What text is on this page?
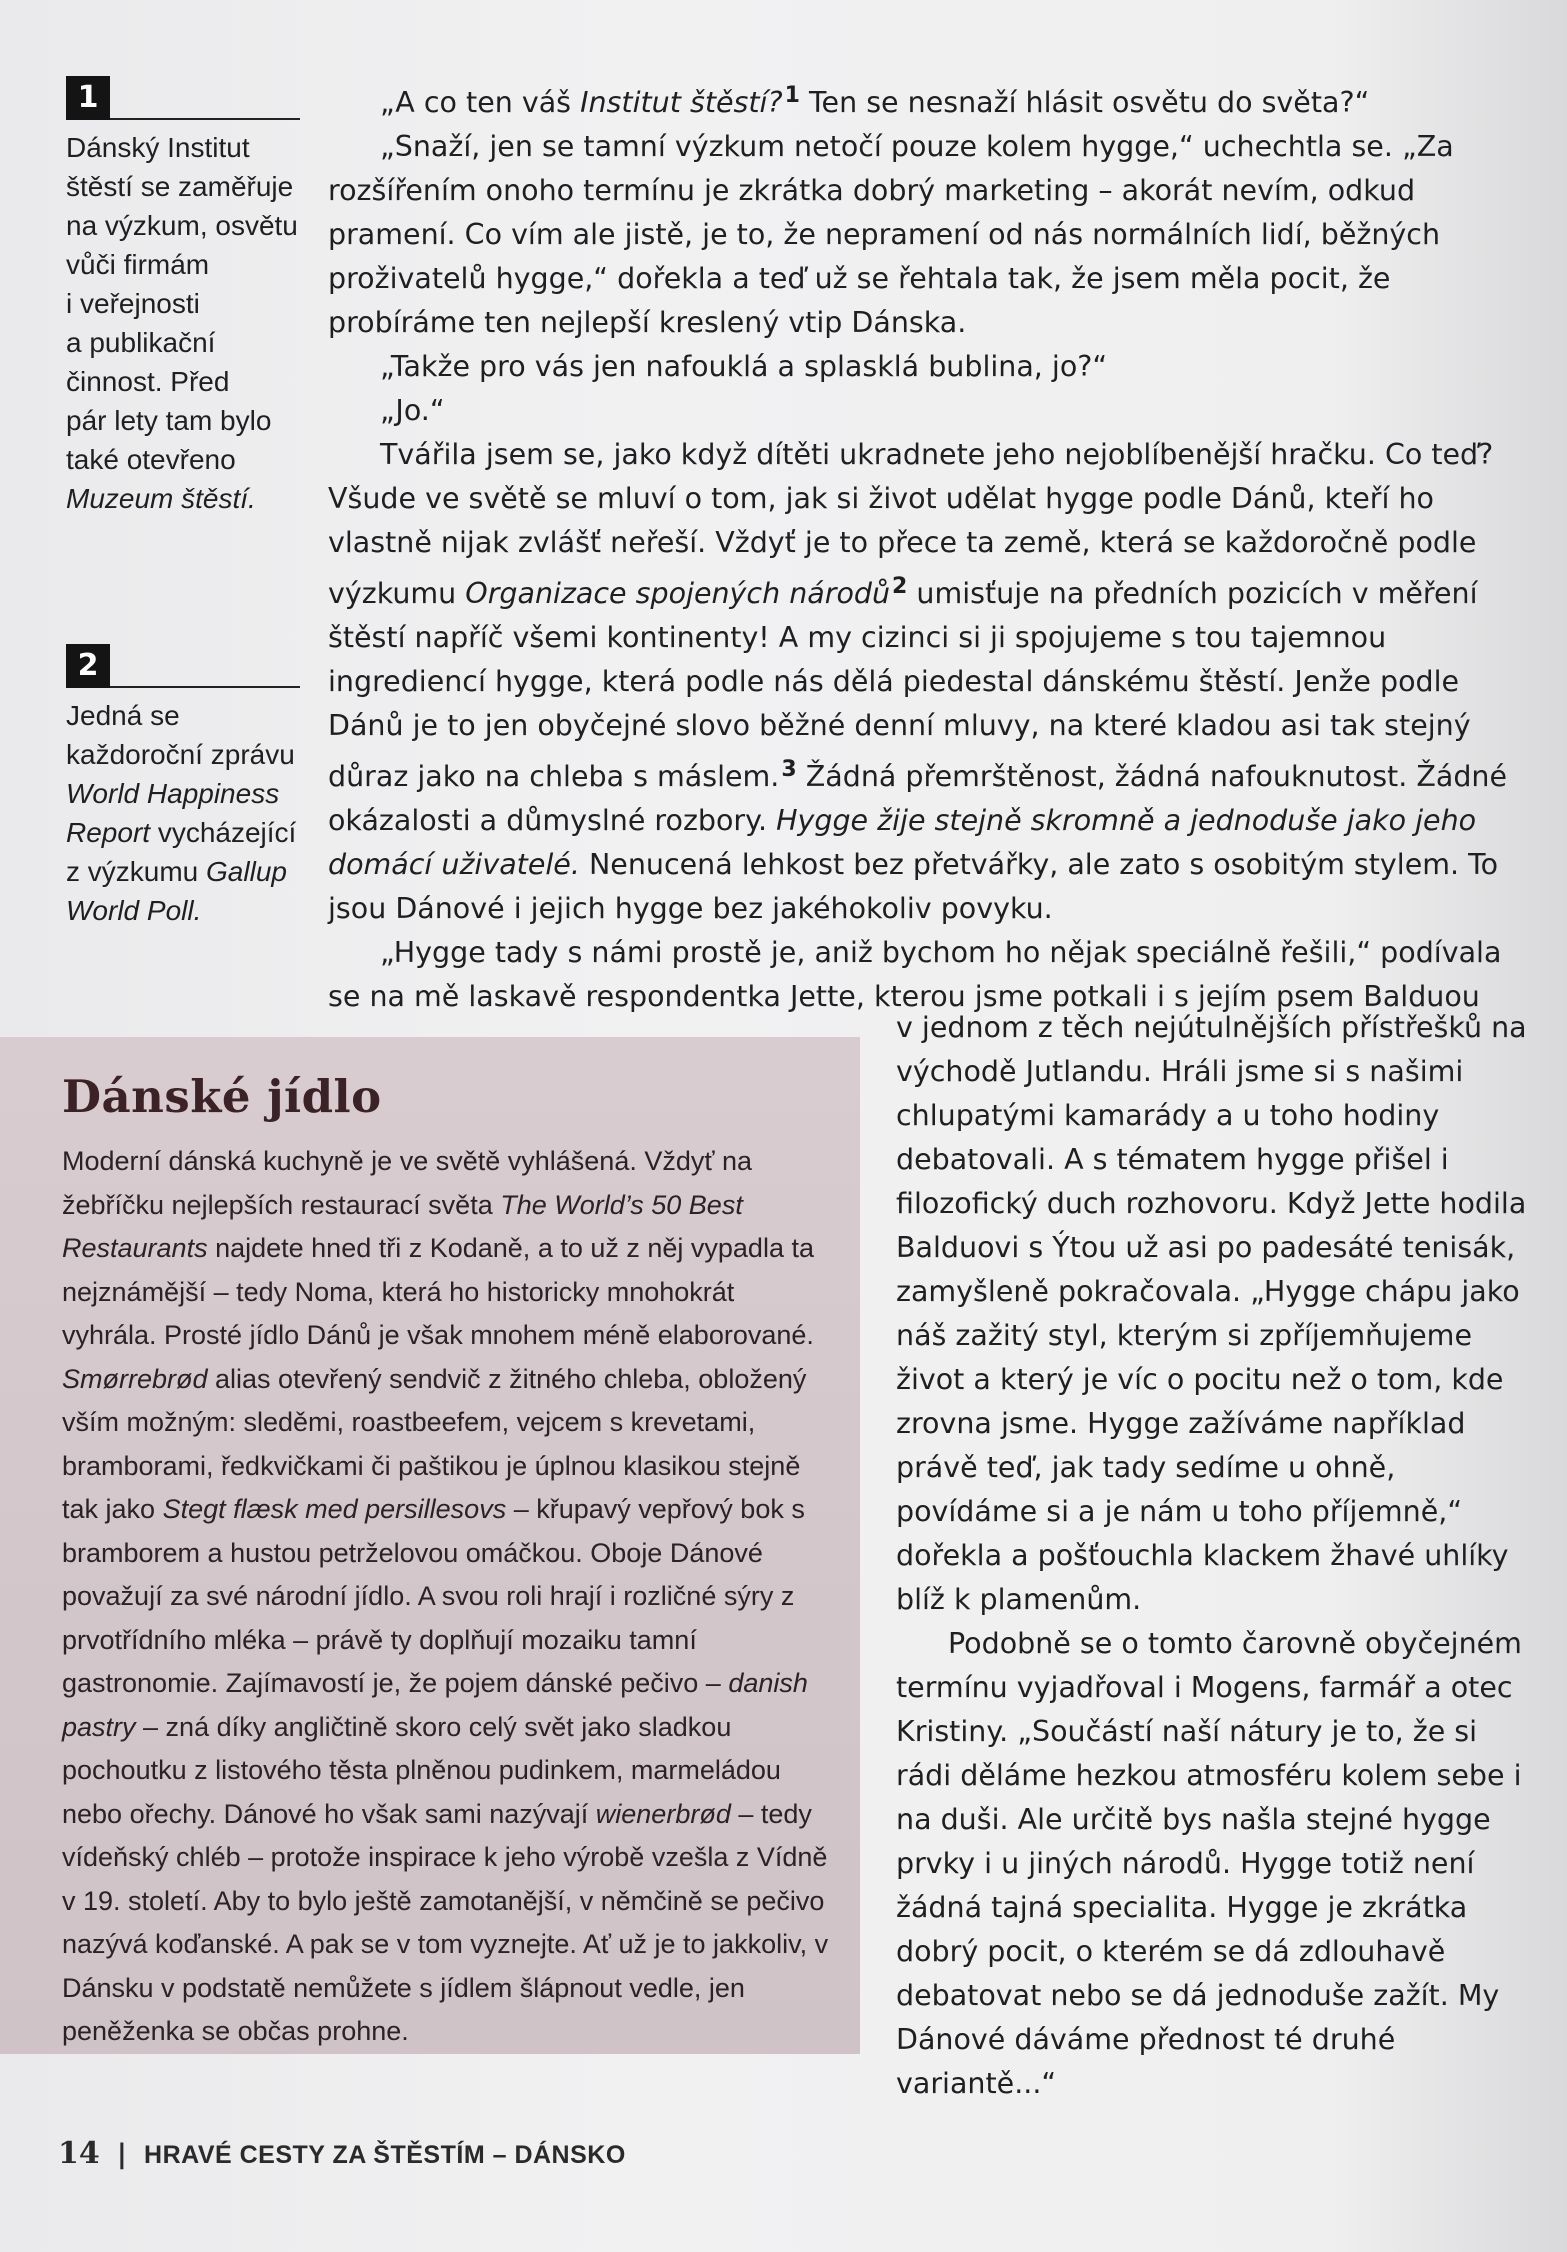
1
Dánský Institut
štěstí se zaměřuje
na výzkum, osvětu
vůči firmám
i veřejnosti
a publikační
činnost. Před
pár lety tam bylo
také otevřeno
Muzeum štěstí.
2
Jedná se
každoroční zprávu
World Happiness
Report vycházející
z výzkumu Gallup
World Poll.

„A co ten váš Institut štěstí?$^1$ Ten se nesnaží hlásit osvětu do světa?“

„Snaží, jen se tamní výzkum netočí pouze kolem hygge,“ uchechtla se. „Za rozšířením onoho termínu je zkrátka dobrý marketing – akorát nevím, odkud pramení. Co vím ale jistě, je to, že nepramení od nás normálních lidí, běžných proživatelů hygge,“ dořekla a teď už se řehtala tak, že jsem měla pocit, že probíráme ten nejlepší kreslený vtip Dánska.

„Takže pro vás jen nafouklá a splasklá bublina, jo?“

„Jo.“

Tvářila jsem se, jako když dítěti ukradnete jeho nejoblíbenější hračku. Co teď? Všude ve světě se mluví o tom, jak si život udělat hygge podle Dánů, kteří ho vlastně nijak zvlášť neřeší. Vždyť je to přece ta země, která se každoročně podle výzkumu Organizace spojených národů$^2$ umisťuje na předních pozicích v měření štěstí napříč všemi kontinenty! A my cizinci si ji spojujeme s tou tajemnou ingrediencí hygge, která podle nás dělá piedestal dánskému štěstí. Jenže podle Dánů je to jen obyčejné slovo běžné denní mluvy, na které kladou asi tak stejný důraz jako na chleba s máslem.$^3$ Žádná přemrštěnost, žádná nafouknutost. Žádné okázalosti a důmyslné rozbory. Hygge žije stejně skromně a jednoduše jako jeho domácí uživatelé. Nenucená lehkost bez přetvářky, ale zato s osobitým stylem. To jsou Dánové i jejich hygge bez jakéhokoliv povyku.

„Hygge tady s námi prostě je, aniž bychom ho nějak speciálně řešili,“ podívala se na mě laskavě respondentka Jette, kterou jsme potkali i s jejím psem Balduou

Dánské jídlo
Moderní dánská kuchyně je ve světě vyhlášená. Vždyť na žebříčku nejlepších restaurací světa The World’s 50 Best Restaurants najdete hned tři z Kodaně, a to už z něj vypadla ta nejznámější – tedy Noma, která ho historicky mnohokrát vyhrála. Prosté jídlo Dánů je však mnohem méně elaborované. Smørrebrød alias otevřený sendvič z žitného chleba, obložený vším možným: sleděmi, roastbeefem, vejcem s krevetami, bramborami, ředkvičkami či paštikou je úplnou klasikou stejně tak jako Stegt flæsk med persillesovs – křupavý vepřový bok s bramborem a hustou petrželovou omáčkou. Oboje Dánové považují za své národní jídlo. A svou roli hrají i rozličné sýry z prvotřídního mléka – právě ty doplňují mozaiku tamní gastronomie. Zajímavostí je, že pojem dánské pečivo – danish pastry – zná díky angličtině skoro celý svět jako sladkou pochoutku z listového těsta plněnou pudinkem, marmeládou nebo ořechy. Dánové ho však sami nazývají wienerbrød – tedy vídeňský chléb – protože inspirace k jeho výrobě vzešla z Vídně v 19. století. Aby to bylo ještě zamotanější, v němčině se pečivo nazývá koďanské. A pak se v tom vyznejte. Ať už je to jakkoliv, v Dánsku v podstatě nemůžete s jídlem šlápnout vedle, jen peněženka se občas prohne.

v jednom z těch nejútulnějších přístřešků na východě Jutlandu. Hráli jsme si s našimi chlupatými kamarády a u toho hodiny debatovali. A s tématem hygge přišel i filozofický duch rozhovoru. Když Jette hodila Balduovi s Ýtou už asi po padesáté tenisák, zamyšleně pokračovala. „Hygge chápu jako náš zažitý styl, kterým si zpříjemňujeme život a který je víc o pocitu než o tom, kde zrovna jsme. Hygge zažíváme například právě teď, jak tady sedíme u ohně, povídáme si a je nám u toho příjemně,“ dořekla a pošťouchla klackem žhavé uhlíky blíž k plamenům.

Podobně se o tomto čarovně obyčejném termínu vyjadřoval i Mogens, farmář a otec Kristiny. „Součástí naší nátury je to, že si rádi děláme hezkou atmosféru kolem sebe i na duši. Ale určitě bys našla stejné hygge prvky i u jiných národů. Hygge totiž není žádná tajná specialita. Hygge je zkrátka dobrý pocit, o kterém se dá zdlouhavě debatovat nebo se dá jednoduše zažít. My Dánové dáváme přednost té druhé variantě...“

14 | HRAVÉ CESTY ZA ŠTĚSTÍM – DÁNSKO
